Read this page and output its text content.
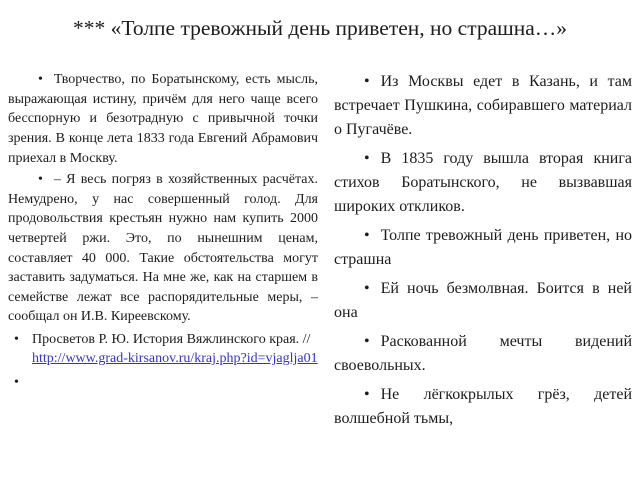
*** «Толпе тревожный день приветен, но страшна…»

• Творчество, по Боратынскому, есть мысль, выражающая истину, причём для него чаще всего бесспорную и безотрадную с привычной точки зрения. В конце лета 1833 года Евгений Абрамович приехал в Москву.

• – Я весь погряз в хозяйственных расчётах. Немудрено, у нас совершенный голод. Для продовольствия крестьян нужно нам купить 2000 четвертей ржи. Это, по нынешним ценам, составляет 40 000. Такие обстоятельства могут заставить задуматься. На мне же, как на старшем в семействе лежат все распорядительные меры, – сообщал он И.В. Киреевскому.

• Просветов Р. Ю. История Вяжлинского края. // http://www.grad-kirsanov.ru/kraj.php?id=vjaglja01
•

• Из Москвы едет в Казань, и там встречает Пушкина, собиравшего материал о Пугачёве.

• В 1835 году вышла вторая книга стихов Боратынского, не вызвавшая широких откликов.

• Толпе тревожный день приветен, но страшна

• Ей ночь безмолвная. Боится в ней она

• Раскованной мечты видений своевольных.

• Не лёгкокрылых грёз, детей волшебной тьмы,
